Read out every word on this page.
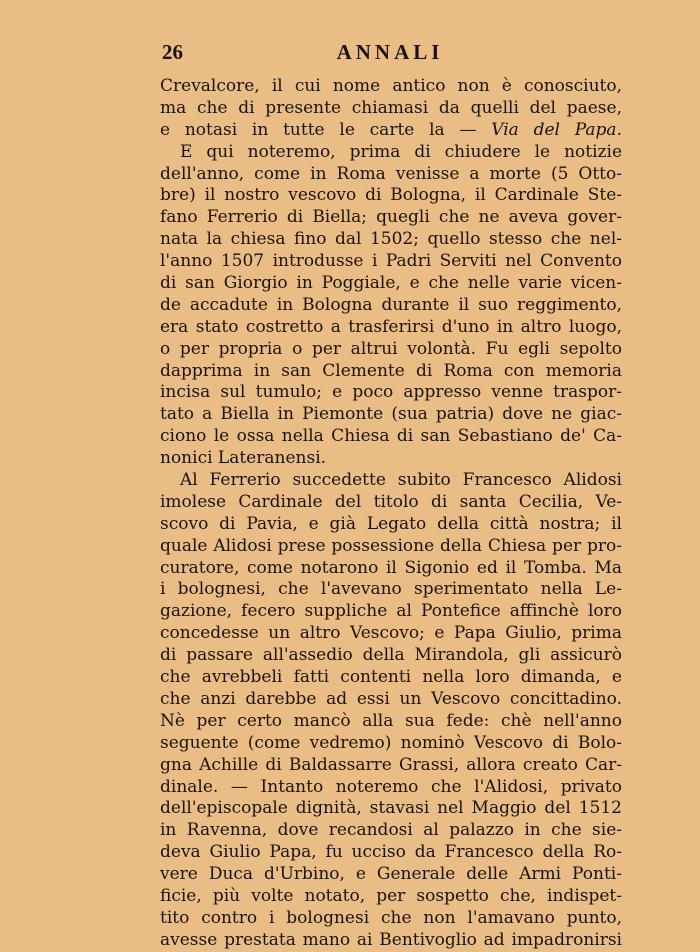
26	ANNALI
Crevalcore, il cui nome antico non è conosciuto,
ma che di presente chiamasi da quelli del paese,
e notasi in tutte le carte la — Via del Papa.
E qui noteremo, prima di chiudere le notizie
dell'anno, come in Roma venisse a morte (5 Otto-
bre) il nostro vescovo di Bologna, il Cardinale Ste-
fano Ferrerio di Biella; quegli che ne aveva gover-
nata la chiesa fino dal 1502; quello stesso che nel-
l'anno 1507 introdusse i Padri Serviti nel Convento
di san Giorgio in Poggiale, e che nelle varie vicen-
de accadute in Bologna durante il suo reggimento,
era stato costretto a trasferirsi d'uno in altro luogo,
o per propria o per altrui volontà. Fu egli sepolto
dapprima in san Clemente di Roma con memoria
incisa sul tumulo; e poco appresso venne traspor-
tato a Biella in Piemonte (sua patria) dove ne giac-
ciono le ossa nella Chiesa di san Sebastiano de' Ca-
nonici Lateranensi.
Al Ferrerio succedette subito Francesco Alidosi
imolese Cardinale del titolo di santa Cecilia, Ve-
scovo di Pavia, e già Legato della città nostra; il
quale Alidosi prese possessione della Chiesa per pro-
curatore, come notarono il Sigonio ed il Tomba. Ma
i bolognesi, che l'avevano sperimentato nella Le-
gazione, fecero suppliche al Pontefice affinchè loro
concedesse un altro Vescovo; e Papa Giulio, prima
di passare all'assedio della Mirandola, gli assicurò
che avrebbeli fatti contenti nella loro dimanda, e
che anzi darebbe ad essi un Vescovo concittadino.
Nè per certo mancò alla sua fede: chè nell'anno
seguente (come vedremo) nominò Vescovo di Bolo-
gna Achille di Baldassarre Grassi, allora creato Car-
dinale. — Intanto noteremo che l'Alidosi, privato
dell'episcopale dignità, stavasi nel Maggio del 1512
in Ravenna, dove recandosi al palazzo in che sie-
deva Giulio Papa, fu ucciso da Francesco della Ro-
vere Duca d'Urbino, e Generale delle Armi Ponti-
ficie, più volte notato, per sospetto che, indispet-
tito contro i bolognesi che non l'amavano punto,
avesse prestata mano ai Bentivoglio ad impadronirsi
